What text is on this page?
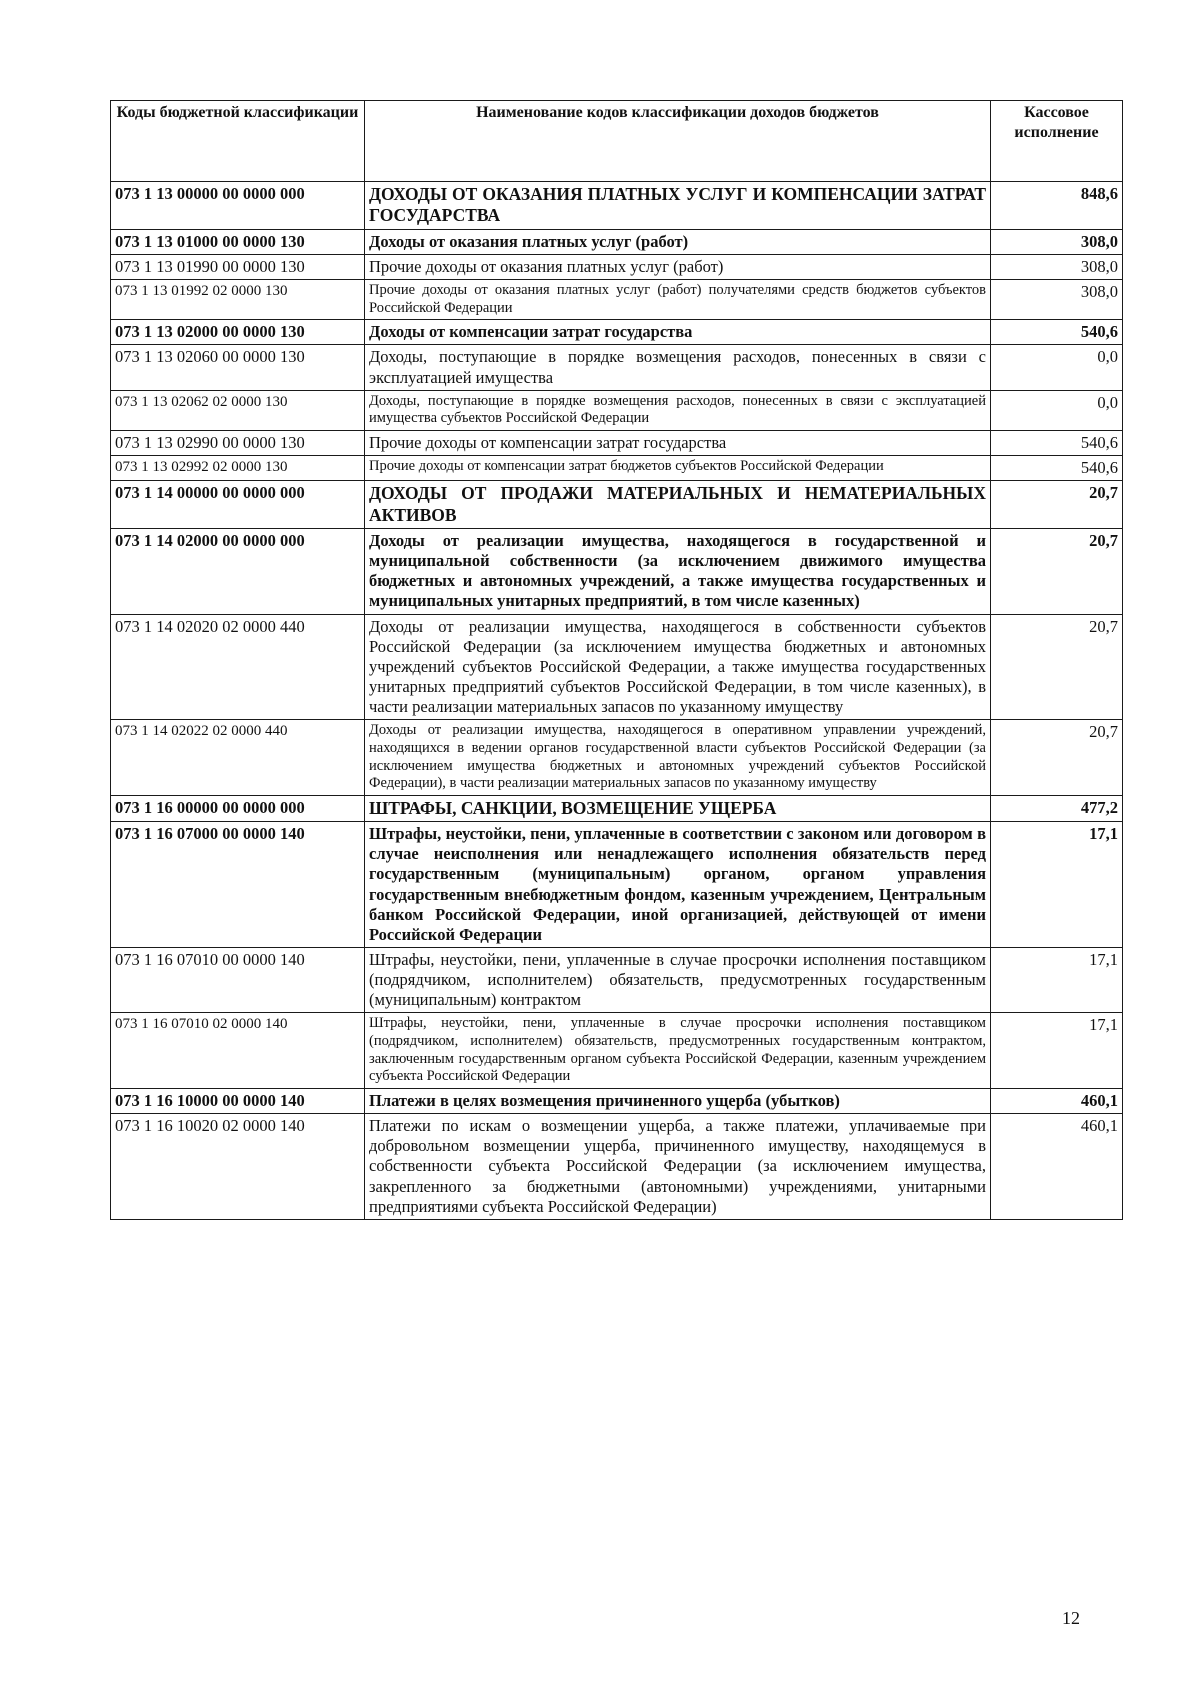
Коды бюджетной классификации	Наименование кодов классификации доходов бюджетов	Кассовое исполнение
073 1 13 00000 00 0000 000	ДОХОДЫ ОТ ОКАЗАНИЯ ПЛАТНЫХ УСЛУГ И КОМПЕНСАЦИИ ЗАТРАТ ГОСУДАРСТВА	848,6
073 1 13 01000 00 0000 130	Доходы от оказания платных услуг (работ)	308,0
073 1 13 01990 00 0000 130	Прочие доходы от оказания платных услуг (работ)	308,0
073 1 13 01992 02 0000 130	Прочие доходы от оказания платных услуг (работ) получателями средств бюджетов субъектов Российской Федерации	308,0
073 1 13 02000 00 0000 130	Доходы от компенсации затрат государства	540,6
073 1 13 02060 00 0000 130	Доходы, поступающие в порядке возмещения расходов, понесенных в связи с эксплуатацией имущества	0,0
073 1 13 02062 02 0000 130	Доходы, поступающие в порядке возмещения расходов, понесенных в связи с эксплуатацией имущества субъектов Российской Федерации	0,0
073 1 13 02990 00 0000 130	Прочие доходы от компенсации затрат государства	540,6
073 1 13 02992 02 0000 130	Прочие доходы от компенсации затрат бюджетов субъектов Российской Федерации	540,6
073 1 14 00000 00 0000 000	ДОХОДЫ ОТ ПРОДАЖИ МАТЕРИАЛЬНЫХ И НЕМАТЕРИАЛЬНЫХ АКТИВОВ	20,7
073 1 14 02000 00 0000 000	Доходы от реализации имущества, находящегося в государственной и муниципальной собственности (за исключением движимого имущества бюджетных и автономных учреждений, а также имущества государственных и муниципальных унитарных предприятий, в том числе казенных)	20,7
073 1 14 02020 02 0000 440	Доходы от реализации имущества, находящегося в собственности субъектов Российской Федерации (за исключением имущества бюджетных и автономных учреждений субъектов Российской Федерации, а также имущества государственных унитарных предприятий субъектов Российской Федерации, в том числе казенных), в части реализации материальных запасов по указанному имуществу	20,7
073 1 14 02022 02 0000 440	Доходы от реализации имущества, находящегося в оперативном управлении учреждений, находящихся в ведении органов государственной власти субъектов Российской Федерации (за исключением имущества бюджетных и автономных учреждений субъектов Российской Федерации), в части реализации материальных запасов по указанному имуществу	20,7
073 1 16 00000 00 0000 000	ШТРАФЫ, САНКЦИИ, ВОЗМЕЩЕНИЕ УЩЕРБА	477,2
073 1 16 07000 00 0000 140	Штрафы, неустойки, пени, уплаченные в соответствии с законом или договором в случае неисполнения или ненадлежащего исполнения обязательств перед государственным (муниципальным) органом, органом управления государственным внебюджетным фондом, казенным учреждением, Центральным банком Российской Федерации, иной организацией, действующей от имени Российской Федерации	17,1
073 1 16 07010 00 0000 140	Штрафы, неустойки, пени, уплаченные в случае просрочки исполнения поставщиком (подрядчиком, исполнителем) обязательств, предусмотренных государственным (муниципальным) контрактом	17,1
073 1 16 07010 02 0000 140	Штрафы, неустойки, пени, уплаченные в случае просрочки исполнения поставщиком (подрядчиком, исполнителем) обязательств, предусмотренных государственным контрактом, заключенным государственным органом субъекта Российской Федерации, казенным учреждением субъекта Российской Федерации	17,1
073 1 16 10000 00 0000 140	Платежи в целях возмещения причиненного ущерба (убытков)	460,1
073 1 16 10020 02 0000 140	Платежи по искам о возмещении ущерба, а также платежи, уплачиваемые при добровольном возмещении ущерба, причиненного имуществу, находящемуся в собственности субъекта Российской Федерации (за исключением имущества, закрепленного за бюджетными (автономными) учреждениями, унитарными предприятиями субъекта Российской Федерации)	460,1
12
